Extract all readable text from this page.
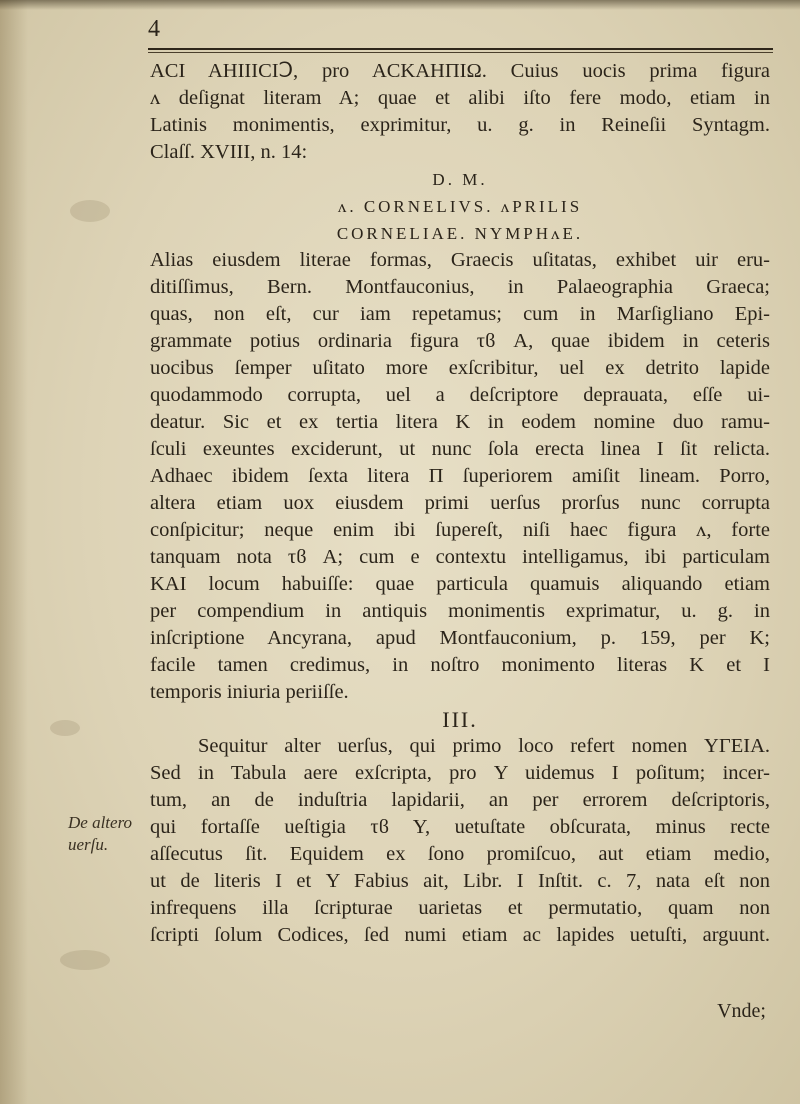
4
ACI AHIIICIↃ, pro ACKAHΠIΩ. Cuius uocis prima figura
ʌ deſignat literam A; quae et alibi iſto fere modo, etiam in
Latinis monimentis, exprimitur, u. g. in Reineſii Syntagm.
Claſſ. XVIII, n. 14:
D. M.
ʌ. CORNELIVS. ʌPRILIS
CORNELIAE. NYMPHʌE.
Alias eiusdem literae formas, Graecis uſitatas, exhibet uir eru-
ditiſſimus, Bern. Montfauconius, in Palaeographia Graeca;
quas, non eſt, cur iam repetamus; cum in Marſigliano Epi-
grammate potius ordinaria figura τϐ A, quae ibidem in ceteris
uocibus ſemper uſitato more exſcribitur, uel ex detrito lapide
quodammodo corrupta, uel a deſcriptore deprauata, eſſe ui-
deatur. Sic et ex tertia litera K in eodem nomine duo ramu-
ſculi exeuntes exciderunt, ut nunc ſola erecta linea I ſit relicta.
Adhaec ibidem ſexta litera Π ſuperiorem amiſit lineam. Porro,
altera etiam uox eiusdem primi uerſus prorſus nunc corrupta
conſpicitur; neque enim ibi ſupereſt, niſi haec figura ʌ, forte
tanquam nota τϐ A; cum e contextu intelligamus, ibi particulam
KAI locum habuiſſe: quae particula quamuis aliquando etiam
per compendium in antiquis monimentis exprimatur, u. g. in
inſcriptione Ancyrana, apud Montfauconium, p. 159, per K;
facile tamen credimus, in noſtro monimento literas K et I
temporis iniuria periiſſe.
III.
Sequitur alter uerſus, qui primo loco refert nomen ΥΓΕΙΑ.
Sed in Tabula aere exſcripta, pro Υ uidemus I poſitum; incer-
tum, an de induſtria lapidarii, an per errorem deſcriptoris,
qui fortaſſe ueſtigia τϐ Υ, uetuſtate obſcurata, minus recte
aſſecutus ſit. Equidem ex ſono promiſcuo, aut etiam medio,
ut de literis I et Υ Fabius ait, Libr. I Inſtit. c. 7, nata eſt non
infrequens illa ſcripturae uarietas et permutatio, quam non
ſcripti ſolum Codices, ſed numi etiam ac lapides uetuſti, arguunt.
De altero uerſu.
Vnde;
